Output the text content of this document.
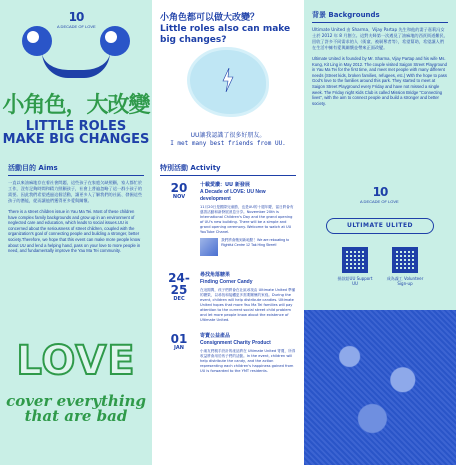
10
A DECADE OF LOVE
小角色，大改變
LITTLE ROLES
MAKE BIG CHANGES
小角色都可以做大改變？
Little roles also can make big changes?
UU讓我認識了很多好朋友。
I met many best friends from UU.
背景 Backgrounds
Ultimate United 由 Sharma、Vijay Partap 先生和他的妻子嘉莉冯女士於 2012 年 8 月創立。這對夫婦第一次遇見了油麻地的西貢街道難民、回收了許多不同需求的人（街童、被剝奪者等），希望幫助，希望讓人們在生活中擁有愛與關懷並帶來正面改變。
Ultimate United is founded by Mr. Sharma, Vijay Partap and his wife Ms. Kung, Kit Ling in May 2012. The couple visited Saigon Street Playground in Yau Ma Tei for the first time, and meet met people with many different needs (Street kids, broken families, refugees, etc.) With the hope to pass God's love to the families around this park. They started to meet at Saigon Street Playground every Friday and have not missed a single week. The Friday night Kids Club is called Mission Bridge "Connecting lives", with the aim to connect people and build a stronger and better society.
活動目的 Aims
一直以來油麻地存在着社會問題，這些孩子在家庭欠缺照顧，家人都忙於工作，沒有足夠時間和精力照顧孩子，社會上普遍忽略了這一群小孩子的需要。因此我們希望透過這個活動，讓更多人了解我們的社區、發掘這些孩子的潛能，從而讓他們獲得更多愛與關懷。
There is a street children issue in Yau Ma Tei. Most of these children have complex family backgrounds and grow up in an environment of neglected care and education, which leads to social issues.UU is concerned about the seriousness of street children, coupled with the organization's goal of connecting people and building a stronger, better society.Therefore, we hope that this event can make more people know about UU and lend a helping hand, pass on your love to more people in need, and fundamentally improve the Yau Ma Tei community.
特別活動 Activity
20
NOV
十載愛讚：UU 新發展
A Decade of LOVE: UU New development
11月20日是國際兒童節，也是UU的十週年慶，當日將會有慈善活動和新發展消息分享。November 20th is International Children's Day and the grand opening of UU's new building. There will be a simple and grand opening ceremony. Welcome to watch at UU YouTube Chanel.
我們將會搬到新地點！We are relocating to Rightful Centre 12 Tak Hing Street!
24-25
DEC
尋找角落糖果
Finding Corner Candy
在這期間，孩子們將會在社區尋找由 Ultimate United 準備的糖果，以尋找和接觸更多需要關懷的家庭。During the event, children will help distribute candies. Ultimate United hopes that more Yau Ma Tei families will pay attention to the current social street child problem and let more people know about the existence of Ultimate United.
01
JAN
寄賣公益產品
Consignment Charity Product
小朋友們親手設計的產品將在 Ultimate United 寄賣，所得收益將會用於孩子們的活動。In the event, children will help distribute the candy, and the action representing each children's happiness gained from UU is forwarded to the YMT residents.
10
A DECADE OF LOVE
ULTIMATE ULITED
捐款給UU Support UU
成為義工 Volunteer Sign-up
LOVE
cover everything
that are bad
